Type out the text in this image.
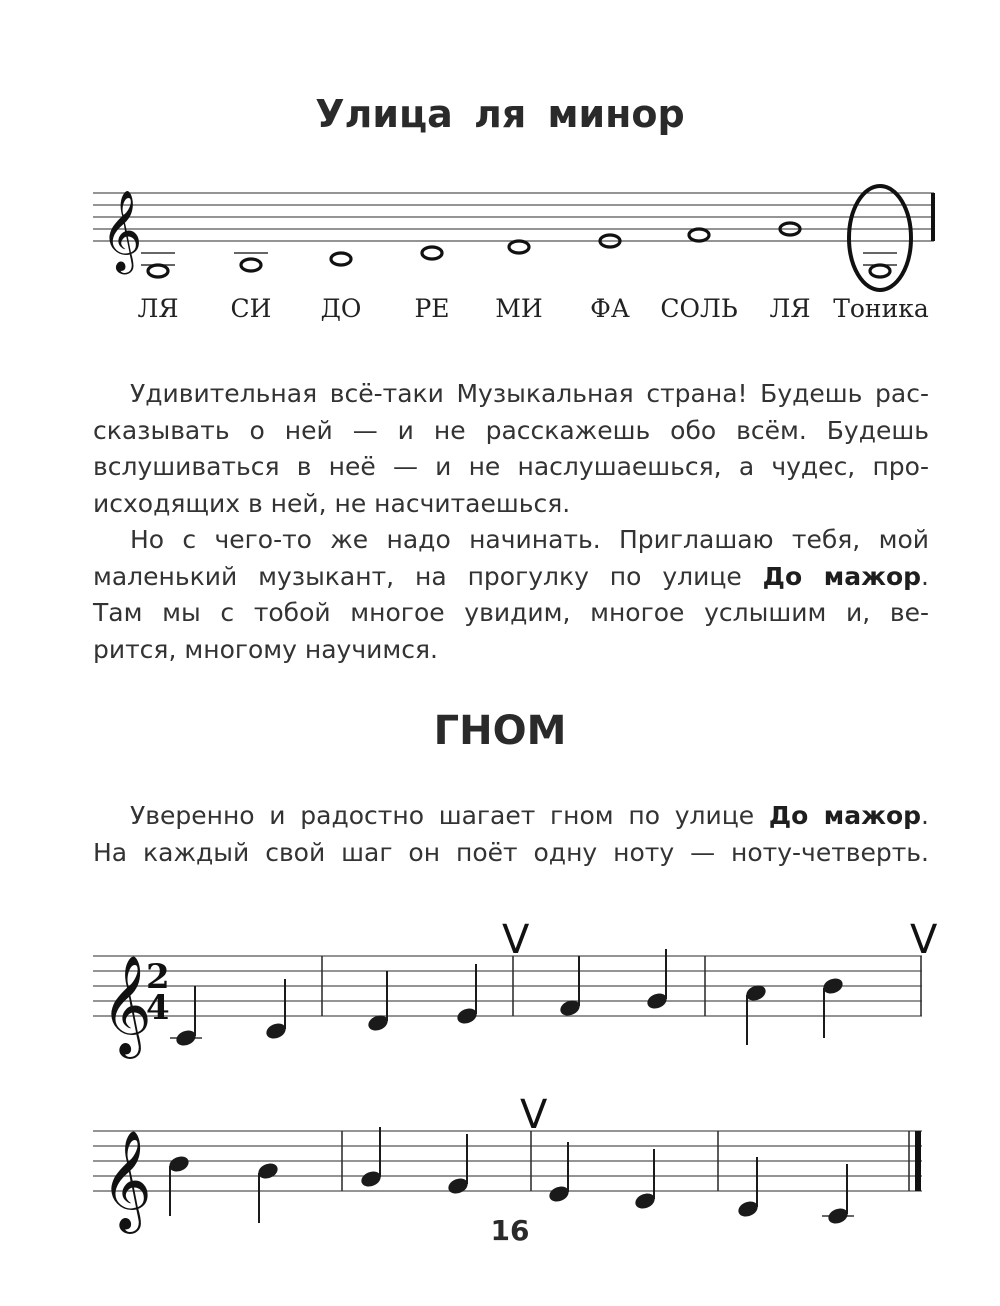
Улица ля минор
𝄞
ЛЯ СИ ДО РЕ МИ ФА СОЛЬ ЛЯ Тоника
Удивительная всё-таки Музыкальная страна! Будешь рас-
сказывать о ней — и не расскажешь обо всём. Будешь
вслушиваться в неё — и не наслушаешься, а чудес, про-
исходящих в ней, не насчитаешься.
Но с чего-то же надо начинать. Приглашаю тебя, мой
маленький музыкант, на прогулку по улице До мажор.
Там мы с тобой многое увидим, многое услышим и, ве-
рится, многому научимся.
ГНОМ
Уверенно и радостно шагает гном по улице До мажор.
На каждый свой шаг он поёт одну ноту — ноту-четверть.
𝄞
2
4
V	V
𝄞
V
16
